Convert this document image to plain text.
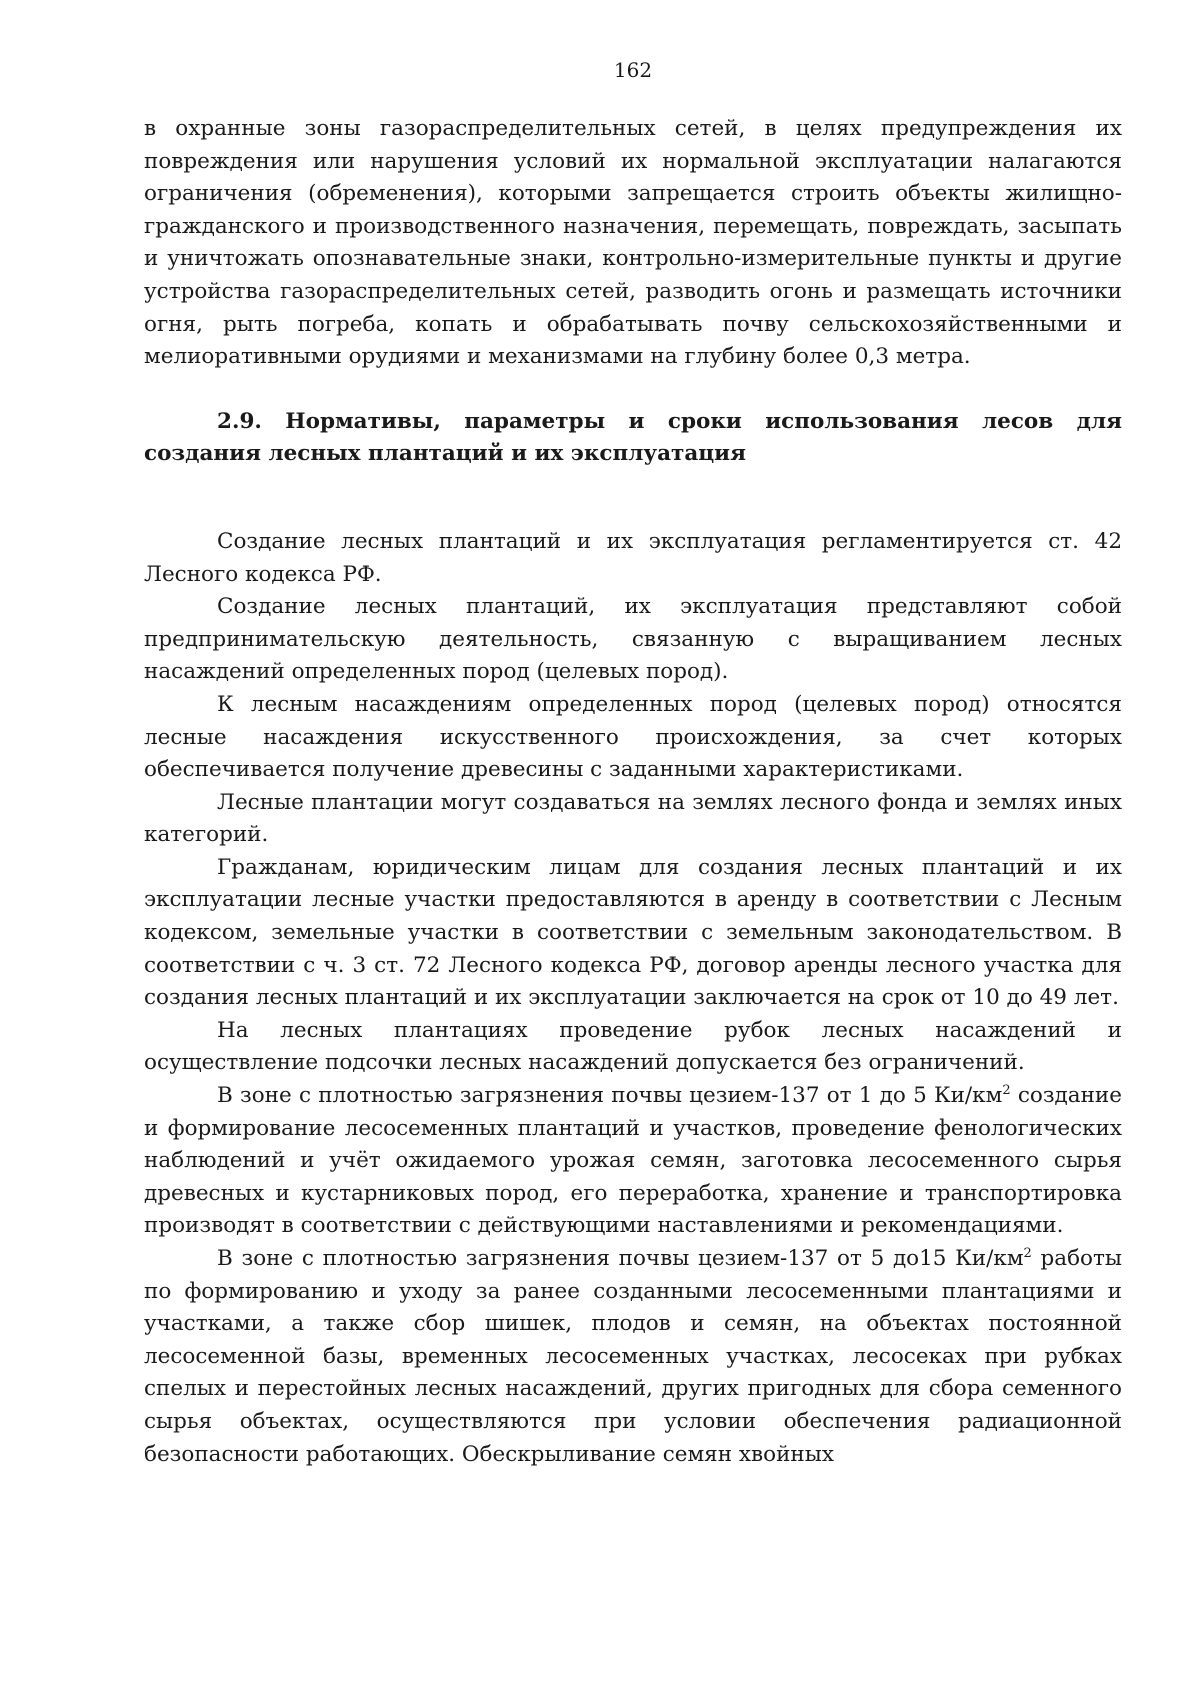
162

в охранные зоны газораспределительных сетей, в целях предупреждения их повреждения или нарушения условий их нормальной эксплуатации налагаются ограничения (обременения), которыми запрещается строить объекты жилищно-гражданского и производственного назначения, перемещать, повреждать, засыпать и уничтожать опознавательные знаки, контрольно-измерительные пункты и другие устройства газораспределительных сетей, разводить огонь и размещать источники огня, рыть погреба, копать и обрабатывать почву сельскохозяйственными и мелиоративными орудиями и механизмами на глубину более 0,3 метра.

2.9. Нормативы, параметры и сроки использования лесов для создания лесных плантаций и их эксплуатация

Создание лесных плантаций и их эксплуатация регламентируется ст. 42 Лесного кодекса РФ.

Создание лесных плантаций, их эксплуатация представляют собой предпринимательскую деятельность, связанную с выращиванием лесных насаждений определенных пород (целевых пород).

К лесным насаждениям определенных пород (целевых пород) относятся лесные насаждения искусственного происхождения, за счет которых обеспечивается получение древесины с заданными характеристиками.

Лесные плантации могут создаваться на землях лесного фонда и землях иных категорий.

Гражданам, юридическим лицам для создания лесных плантаций и их эксплуатации лесные участки предоставляются в аренду в соответствии с Лесным кодексом, земельные участки в соответствии с земельным законодательством. В соответствии с ч. 3 ст. 72 Лесного кодекса РФ, договор аренды лесного участка для создания лесных плантаций и их эксплуатации заключается на срок от 10 до 49 лет.

На лесных плантациях проведение рубок лесных насаждений и осуществление подсочки лесных насаждений допускается без ограничений.

В зоне с плотностью загрязнения почвы цезием-137 от 1 до 5 $Ки/км^2$ создание и формирование лесосеменных плантаций и участков, проведение фенологических наблюдений и учёт ожидаемого урожая семян, заготовка лесосеменного сырья древесных и кустарниковых пород, его переработка, хранение и транспортировка производят в соответствии с действующими наставлениями и рекомендациями.

В зоне с плотностью загрязнения почвы цезием-137 от 5 до15 $Ки/км^2$ работы по формированию и уходу за ранее созданными лесосеменными плантациями и участками, а также сбор шишек, плодов и семян, на объектах постоянной лесосеменной базы, временных лесосеменных участках, лесосеках при рубках спелых и перестойных лесных насаждений, других пригодных для сбора семенного сырья объектах, осуществляются при условии обеспечения радиационной безопасности работающих. Обескрыливание семян хвойных
